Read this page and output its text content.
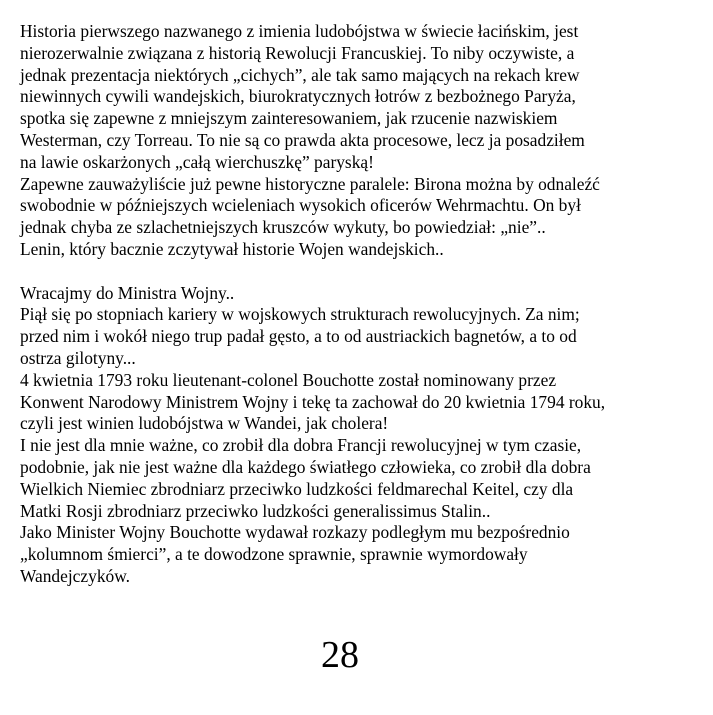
Historia pierwszego nazwanego z imienia ludobójstwa w świecie łacińskim, jest
nierozerwalnie związana z historią Rewolucji Francuskiej. To niby oczywiste, a
jednak prezentacja niektórych „cichych”, ale tak samo mających na rekach krew
niewinnych cywili wandejskich, biurokratycznych łotrów z bezbożnego Paryża,
spotka się zapewne z mniejszym zainteresowaniem, jak rzucenie nazwiskiem
Westerman, czy Torreau. To nie są co prawda akta procesowe, lecz ja posadziłem
na lawie oskarżonych „całą wierchuszkę” paryską!
Zapewne zauważyliście już pewne historyczne paralele: Birona można by odnaleźć
swobodnie w późniejszych wcieleniach wysokich oficerów Wehrmachtu. On był
jednak chyba ze szlachetniejszych kruszców wykuty, bo powiedział: „nie”..
Lenin, który bacznie zczytywał historie Wojen wandejskich..
Wracajmy do Ministra Wojny..
Piął się po stopniach kariery w wojskowych strukturach rewolucyjnych. Za nim;
przed nim i wokół niego trup padał gęsto, a to od austriackich bagnetów, a to od
ostrza gilotyny...
4 kwietnia 1793 roku lieutenant-colonel Bouchotte został nominowany przez
Konwent Narodowy Ministrem Wojny i tekę ta zachował do 20 kwietnia 1794 roku,
czyli jest winien ludobójstwa w Wandei, jak cholera!
I nie jest dla mnie ważne, co zrobił dla dobra Francji rewolucyjnej w tym czasie,
podobnie, jak nie jest ważne dla każdego światłego człowieka, co zrobił dla dobra
Wielkich Niemiec zbrodniarz przeciwko ludzkości feldmarechal Keitel, czy dla
Matki Rosji zbrodniarz przeciwko ludzkości generalissimus Stalin..
Jako Minister Wojny Bouchotte wydawał rozkazy podległym mu bezpośrednio
„kolumnom śmierci”, a te dowodzone sprawnie, sprawnie wymordowały
Wandejczyków.
28
